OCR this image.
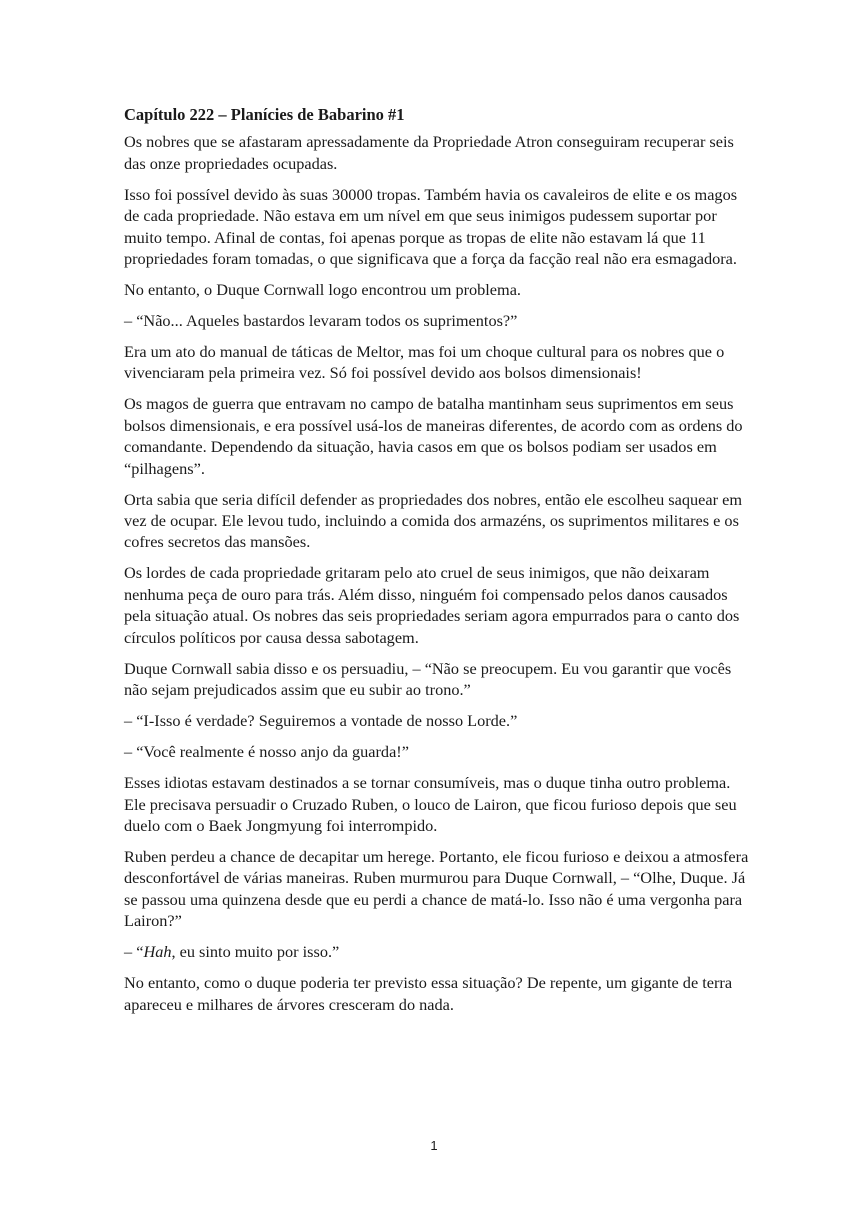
Capítulo 222 – Planícies de Babarino #1

Os nobres que se afastaram apressadamente da Propriedade Atron conseguiram recuperar seis das onze propriedades ocupadas.

Isso foi possível devido às suas 30000 tropas. Também havia os cavaleiros de elite e os magos de cada propriedade. Não estava em um nível em que seus inimigos pudessem suportar por muito tempo. Afinal de contas, foi apenas porque as tropas de elite não estavam lá que 11 propriedades foram tomadas, o que significava que a força da facção real não era esmagadora.

No entanto, o Duque Cornwall logo encontrou um problema.

– “Não... Aqueles bastardos levaram todos os suprimentos?”

Era um ato do manual de táticas de Meltor, mas foi um choque cultural para os nobres que o vivenciaram pela primeira vez. Só foi possível devido aos bolsos dimensionais!

Os magos de guerra que entravam no campo de batalha mantinham seus suprimentos em seus bolsos dimensionais, e era possível usá-los de maneiras diferentes, de acordo com as ordens do comandante. Dependendo da situação, havia casos em que os bolsos podiam ser usados em “pilhagens”.

Orta sabia que seria difícil defender as propriedades dos nobres, então ele escolheu saquear em vez de ocupar. Ele levou tudo, incluindo a comida dos armazéns, os suprimentos militares e os cofres secretos das mansões.

Os lordes de cada propriedade gritaram pelo ato cruel de seus inimigos, que não deixaram nenhuma peça de ouro para trás. Além disso, ninguém foi compensado pelos danos causados pela situação atual. Os nobres das seis propriedades seriam agora empurrados para o canto dos círculos políticos por causa dessa sabotagem.

Duque Cornwall sabia disso e os persuadiu, – “Não se preocupem. Eu vou garantir que vocês não sejam prejudicados assim que eu subir ao trono.”

– “I-Isso é verdade? Seguiremos a vontade de nosso Lorde.”

– “Você realmente é nosso anjo da guarda!”

Esses idiotas estavam destinados a se tornar consumíveis, mas o duque tinha outro problema. Ele precisava persuadir o Cruzado Ruben, o louco de Lairon, que ficou furioso depois que seu duelo com o Baek Jongmyung foi interrompido.

Ruben perdeu a chance de decapitar um herege. Portanto, ele ficou furioso e deixou a atmosfera desconfortável de várias maneiras. Ruben murmurou para Duque Cornwall, – “Olhe, Duque. Já se passou uma quinzena desde que eu perdi a chance de matá-lo. Isso não é uma vergonha para Lairon?”

– “Hah, eu sinto muito por isso.”

No entanto, como o duque poderia ter previsto essa situação? De repente, um gigante de terra apareceu e milhares de árvores cresceram do nada.

1
